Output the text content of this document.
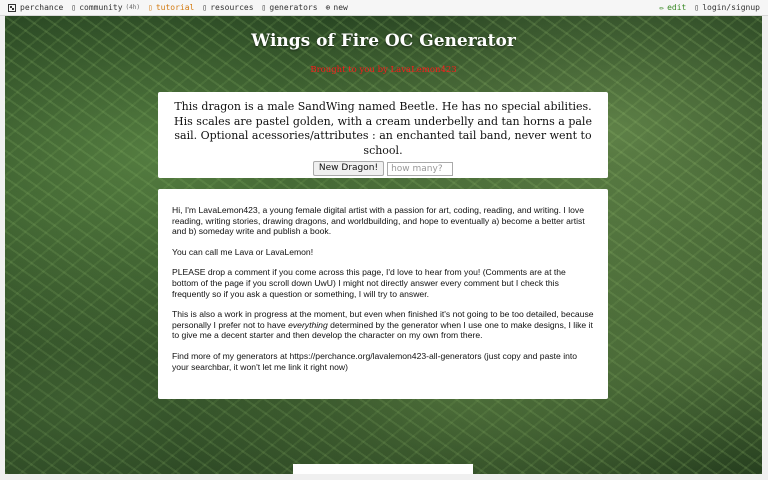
perchance ▯ community (4h) ▯ tutorial ▯ resources ▯ generators ⊕ new	✏ edit ▯ login/signup
Wings of Fire OC Generator
Brought to you by LavaLemon423
This dragon is a male SandWing named Beetle. He has no special abilities. His scales are pastel golden, with a cream underbelly and tan horns a pale sail. Optional acessories/attributes : an enchanted tail band, never went to school.
New Dragon!
how many?

Hi, I'm LavaLemon423, a young female digital artist with a passion for art, coding, reading, and writing. I love reading, writing stories, drawing dragons, and worldbuilding, and hope to eventually a) become a better artist and b) someday write and publish a book.

You can call me Lava or LavaLemon!

PLEASE drop a comment if you come across this page, I'd love to hear from you! (Comments are at the bottom of the page if you scroll down UwU) I might not directly answer every comment but I check this frequently so if you ask a question or something, I will try to answer.

This is also a work in progress at the moment, but even when finished it's not going to be too detailed, because personally I prefer not to have everything determined by the generator when I use one to make designs, I like it to give me a decent starter and then develop the character on my own from there.

Find more of my generators at https://perchance.org/lavalemon423-all-generators (just copy and paste into your searchbar, it won't let me link it right now)
